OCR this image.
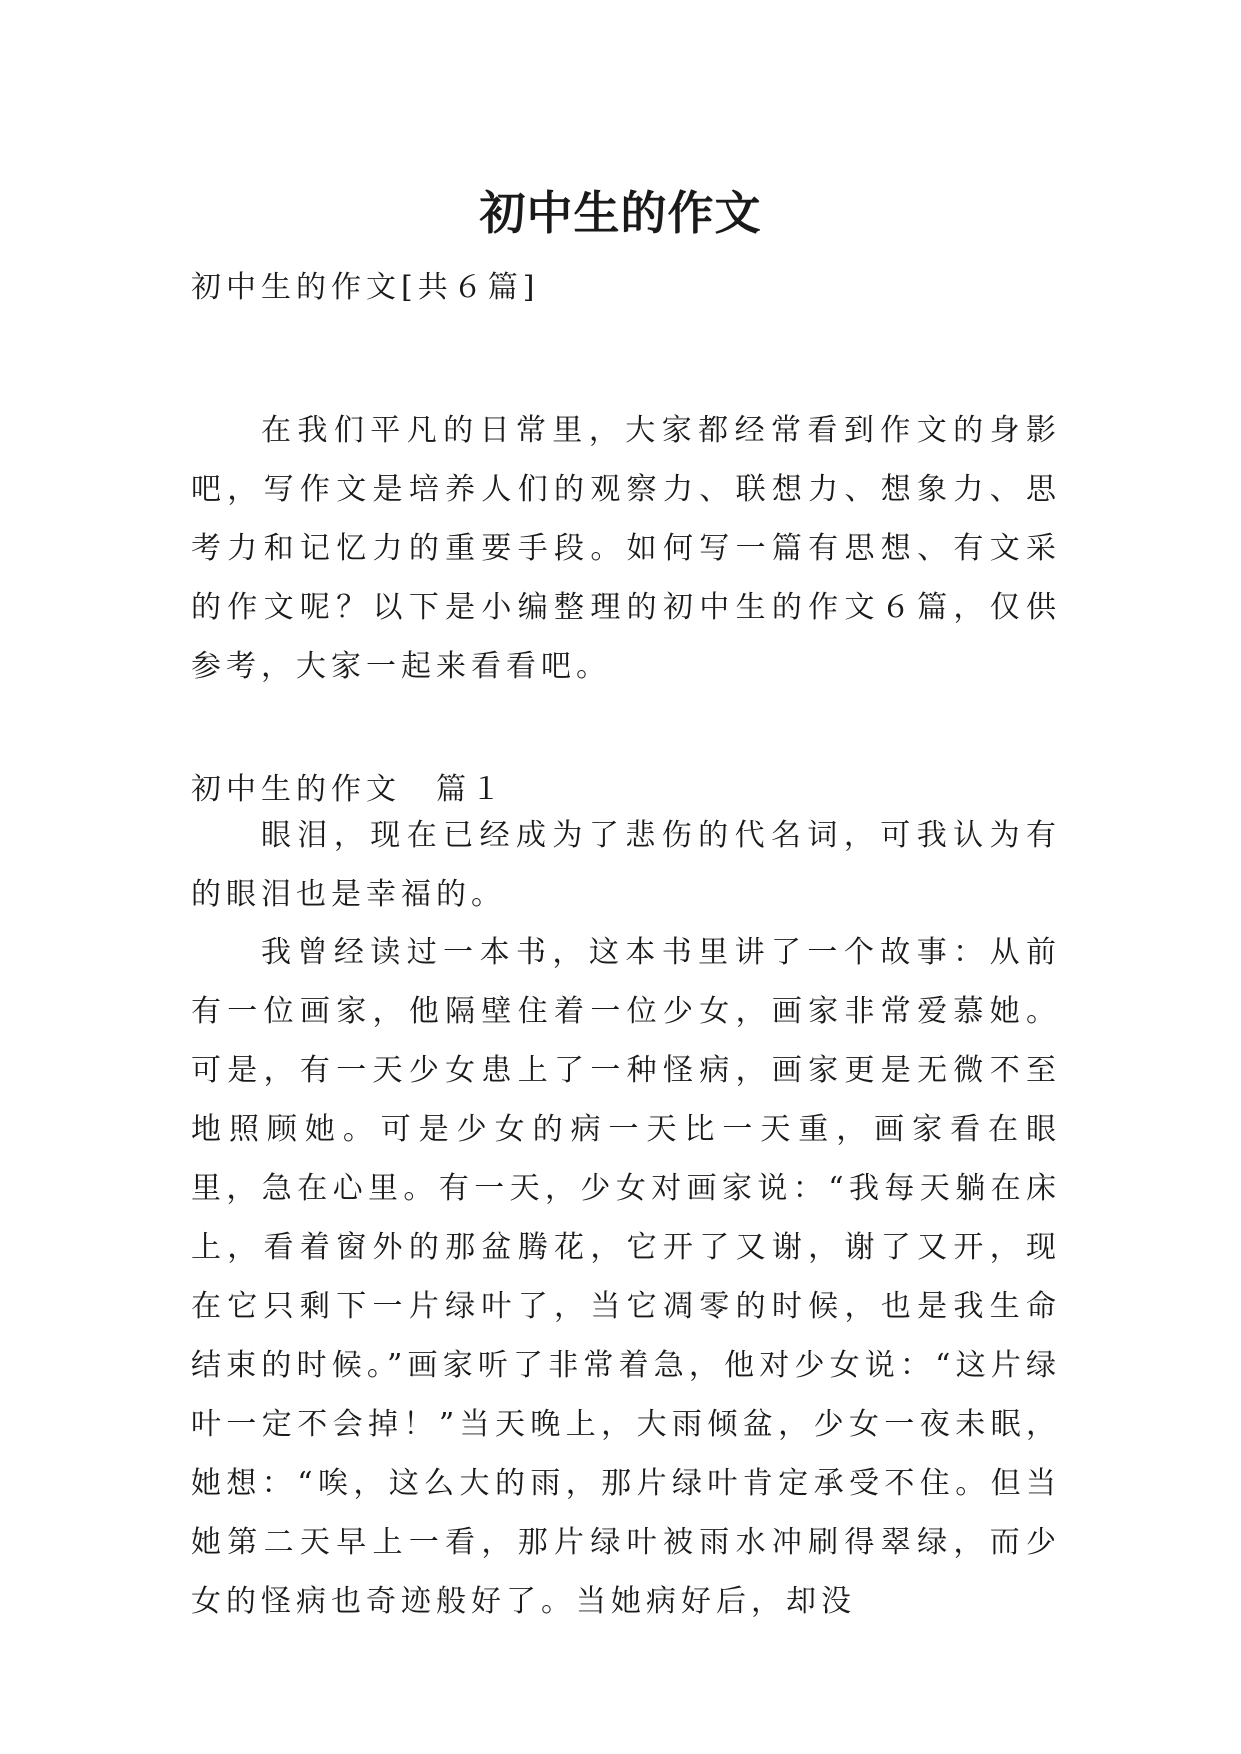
初中生的作文

初中生的作文[共６篇]

在我们平凡的日常里，大家都经常看到作文的身影吧，写作文是培养人们的观察力、联想力、想象力、思考力和记忆力的重要手段。如何写一篇有思想、有文采的作文呢？以下是小编整理的初中生的作文６篇，仅供参考，大家一起来看看吧。

初中生的作文　篇１

眼泪，现在已经成为了悲伤的代名词，可我认为有的眼泪也是幸福的。

我曾经读过一本书，这本书里讲了一个故事：从前有一位画家，他隔壁住着一位少女，画家非常爱慕她。可是，有一天少女患上了一种怪病，画家更是无微不至地照顾她。可是少女的病一天比一天重，画家看在眼里，急在心里。有一天，少女对画家说：“我每天躺在床上，看着窗外的那盆腾花，它开了又谢，谢了又开，现在它只剩下一片绿叶了，当它凋零的时候，也是我生命结束的时候。”画家听了非常着急，他对少女说：“这片绿叶一定不会掉！”当天晚上，大雨倾盆，少女一夜未眠，她想：“唉，这么大的雨，那片绿叶肯定承受不住。但当她第二天早上一看，那片绿叶被雨水冲刷得翠绿，而少女的怪病也奇迹般好了。当她病好后，却没
